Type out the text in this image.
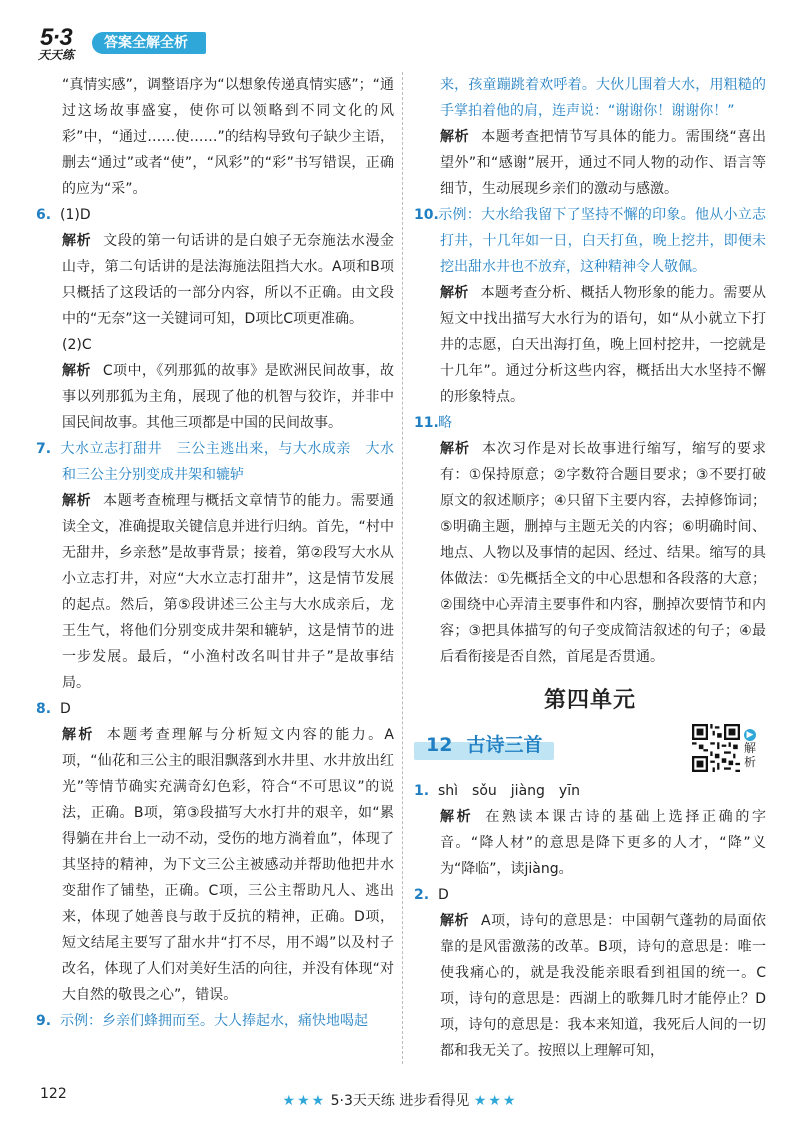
5·3
天天练
答案全解全析

“真情实感”，调整语序为“以想象传递真情实感”；“通过这场故事盛宴，使你可以领略到不同文化的风彩”中，“通过……使……”的结构导致句子缺少主语，删去“通过”或者“使”，“风彩”的“彩”书写错误，正确的应为“采”。

6. (1)D

解析 文段的第一句话讲的是白娘子无奈施法水漫金山寺，第二句话讲的是法海施法阻挡大水。A项和B项只概括了这段话的一部分内容，所以不正确。由文段中的“无奈”这一关键词可知，D项比C项更准确。

(2)C

解析 C项中，《列那狐的故事》是欧洲民间故事，故事以列那狐为主角，展现了他的机智与狡诈，并非中国民间故事。其他三项都是中国的民间故事。

7. 大水立志打甜井　三公主逃出来，与大水成亲　大水和三公主分别变成井架和辘轳

解析 本题考查梳理与概括文章情节的能力。需要通读全文，准确提取关键信息并进行归纳。首先，“村中无甜井，乡亲愁”是故事背景；接着，第②段写大水从小立志打井，对应“大水立志打甜井”，这是情节发展的起点。然后，第⑤段讲述三公主与大水成亲后，龙王生气，将他们分别变成井架和辘轳，这是情节的进一步发展。最后，“小渔村改名叫甘井子”是故事结局。

8. D

解析 本题考查理解与分析短文内容的能力。A项，“仙花和三公主的眼泪飘落到水井里、水井放出红光”等情节确实充满奇幻色彩，符合“不可思议”的说法，正确。B项，第③段描写大水打井的艰辛，如“累得躺在井台上一动不动，受伤的地方淌着血”，体现了其坚持的精神，为下文三公主被感动并帮助他把井水变甜作了铺垫，正确。C项，三公主帮助凡人、逃出来，体现了她善良与敢于反抗的精神，正确。D项，短文结尾主要写了甜水井“打不尽，用不竭”以及村子改名，体现了人们对美好生活的向往，并没有体现“对大自然的敬畏之心”，错误。

9. 示例：乡亲们蜂拥而至。大人捧起水，痛快地喝起

来，孩童蹦跳着欢呼着。大伙儿围着大水，用粗糙的手掌拍着他的肩，连声说：“谢谢你！谢谢你！”

解析 本题考查把情节写具体的能力。需围绕“喜出望外”和“感谢”展开，通过不同人物的动作、语言等细节，生动展现乡亲们的激动与感激。

10.示例：大水给我留下了坚持不懈的印象。他从小立志打井，十几年如一日，白天打鱼，晚上挖井，即便未挖出甜水井也不放弃，这种精神令人敬佩。

解析 本题考查分析、概括人物形象的能力。需要从短文中找出描写大水行为的语句，如“从小就立下打井的志愿，白天出海打鱼，晚上回村挖井，一挖就是十几年”。通过分析这些内容，概括出大水坚持不懈的形象特点。

11.略

解析 本次习作是对长故事进行缩写，缩写的要求有：①保持原意；②字数符合题目要求；③不要打破原文的叙述顺序；④只留下主要内容，去掉修饰词；⑤明确主题，删掉与主题无关的内容；⑥明确时间、地点、人物以及事情的起因、经过、结果。缩写的具体做法：①先概括全文的中心思想和各段落的大意；②围绕中心弄清主要事件和内容，删掉次要情节和内容；③把具体描写的句子变成简洁叙述的句子；④最后看衔接是否自然，首尾是否贯通。

第四单元
12 古诗三首	▶
解析

1. shì　sǒu　jiàng　yīn

解析 在熟读本课古诗的基础上选择正确的字音。“降人材”的意思是降下更多的人才，“降”义为“降临”，读jiàng。

2. D

解析 A项，诗句的意思是：中国朝气蓬勃的局面依靠的是风雷激荡的改革。B项，诗句的意思是：唯一使我痛心的，就是我没能亲眼看到祖国的统一。C项，诗句的意思是：西湖上的歌舞几时才能停止？D项，诗句的意思是：我本来知道，我死后人间的一切都和我无关了。按照以上理解可知，

122	★★★ 5·3天天练 进步看得见 ★★★
